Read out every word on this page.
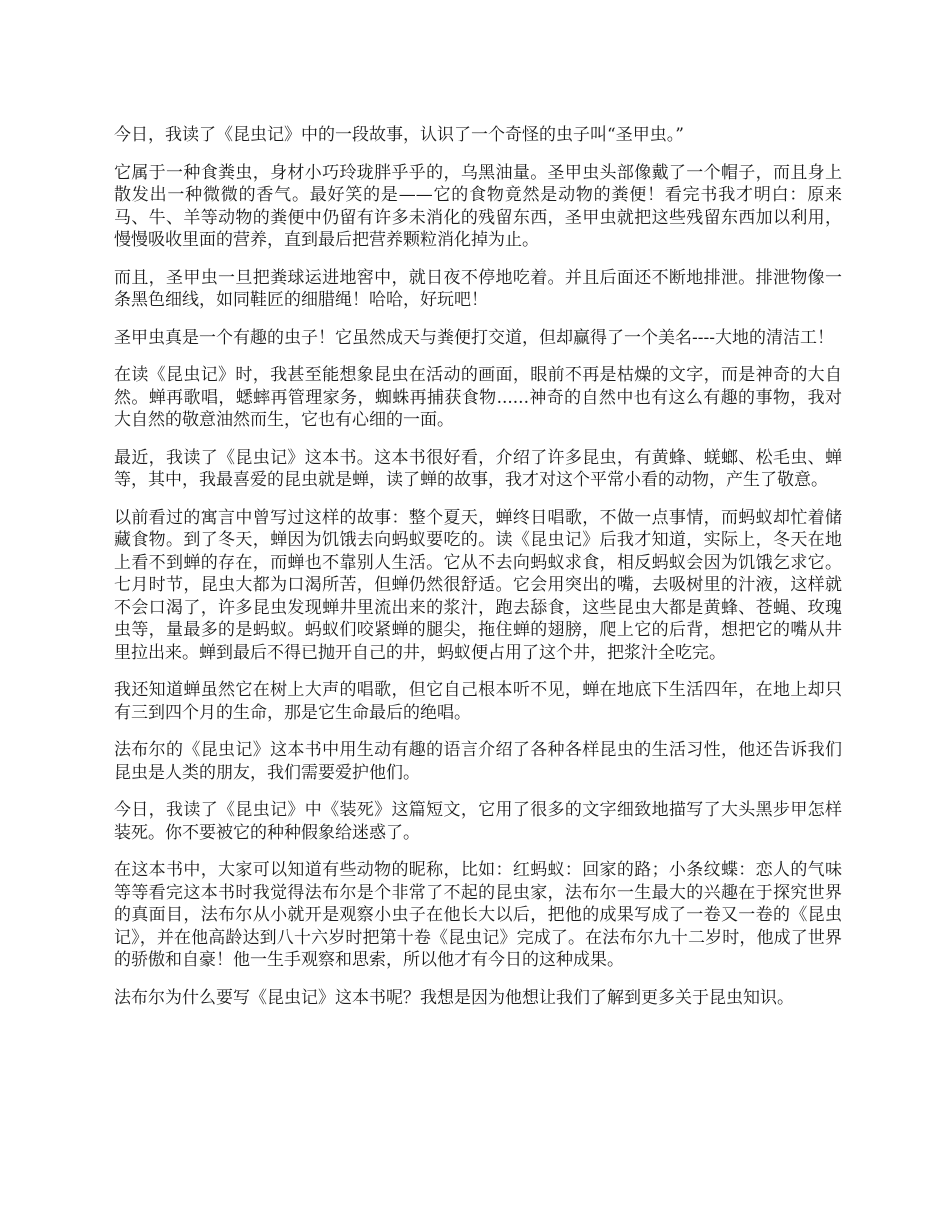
今日，我读了《昆虫记》中的一段故事，认识了一个奇怪的虫子叫“圣甲虫。”

它属于一种食粪虫，身材小巧玲珑胖乎乎的，乌黑油量。圣甲虫头部像戴了一个帽子，而且身上散发出一种微微的香气。最好笑的是——它的食物竟然是动物的粪便！看完书我才明白：原来马、牛、羊等动物的粪便中仍留有许多未消化的残留东西，圣甲虫就把这些残留东西加以利用，慢慢吸收里面的营养，直到最后把营养颗粒消化掉为止。

而且，圣甲虫一旦把粪球运进地窖中，就日夜不停地吃着。并且后面还不断地排泄。排泄物像一条黑色细线，如同鞋匠的细腊绳！哈哈，好玩吧！

圣甲虫真是一个有趣的虫子！它虽然成天与粪便打交道，但却赢得了一个美名----大地的清洁工！

在读《昆虫记》时，我甚至能想象昆虫在活动的画面，眼前不再是枯燥的文字，而是神奇的大自然。蝉再歌唱，蟋蟀再管理家务，蜘蛛再捕获食物......神奇的自然中也有这么有趣的事物，我对大自然的敬意油然而生，它也有心细的一面。

最近，我读了《昆虫记》这本书。这本书很好看，介绍了许多昆虫，有黄蜂、蜣螂、松毛虫、蝉等，其中，我最喜爱的昆虫就是蝉，读了蝉的故事，我才对这个平常小看的动物，产生了敬意。

以前看过的寓言中曾写过这样的故事：整个夏天，蝉终日唱歌，不做一点事情，而蚂蚁却忙着储藏食物。到了冬天，蝉因为饥饿去向蚂蚁要吃的。读《昆虫记》后我才知道，实际上，冬天在地上看不到蝉的存在，而蝉也不靠别人生活。它从不去向蚂蚁求食，相反蚂蚁会因为饥饿乞求它。七月时节，昆虫大都为口渴所苦，但蝉仍然很舒适。它会用突出的嘴，去吸树里的汁液，这样就不会口渴了，许多昆虫发现蝉井里流出来的浆汁，跑去舔食，这些昆虫大都是黄蜂、苍蝇、玫瑰虫等，量最多的是蚂蚁。蚂蚁们咬紧蝉的腿尖，拖住蝉的翅膀，爬上它的后背，想把它的嘴从井里拉出来。蝉到最后不得已抛开自己的井，蚂蚁便占用了这个井，把浆汁全吃完。

我还知道蝉虽然它在树上大声的唱歌，但它自己根本听不见，蝉在地底下生活四年，在地上却只有三到四个月的生命，那是它生命最后的绝唱。

法布尔的《昆虫记》这本书中用生动有趣的语言介绍了各种各样昆虫的生活习性，他还告诉我们昆虫是人类的朋友，我们需要爱护他们。

今日，我读了《昆虫记》中《装死》这篇短文，它用了很多的文字细致地描写了大头黑步甲怎样装死。你不要被它的种种假象给迷惑了。

在这本书中，大家可以知道有些动物的昵称，比如：红蚂蚁：回家的路；小条纹蝶：恋人的气味等等看完这本书时我觉得法布尔是个非常了不起的昆虫家，法布尔一生最大的兴趣在于探究世界的真面目，法布尔从小就开是观察小虫子在他长大以后，把他的成果写成了一卷又一卷的《昆虫记》，并在他高龄达到八十六岁时把第十卷《昆虫记》完成了。在法布尔九十二岁时，他成了世界的骄傲和自豪！他一生手观察和思索，所以他才有今日的这种成果。

法布尔为什么要写《昆虫记》这本书呢？我想是因为他想让我们了解到更多关于昆虫知识。
